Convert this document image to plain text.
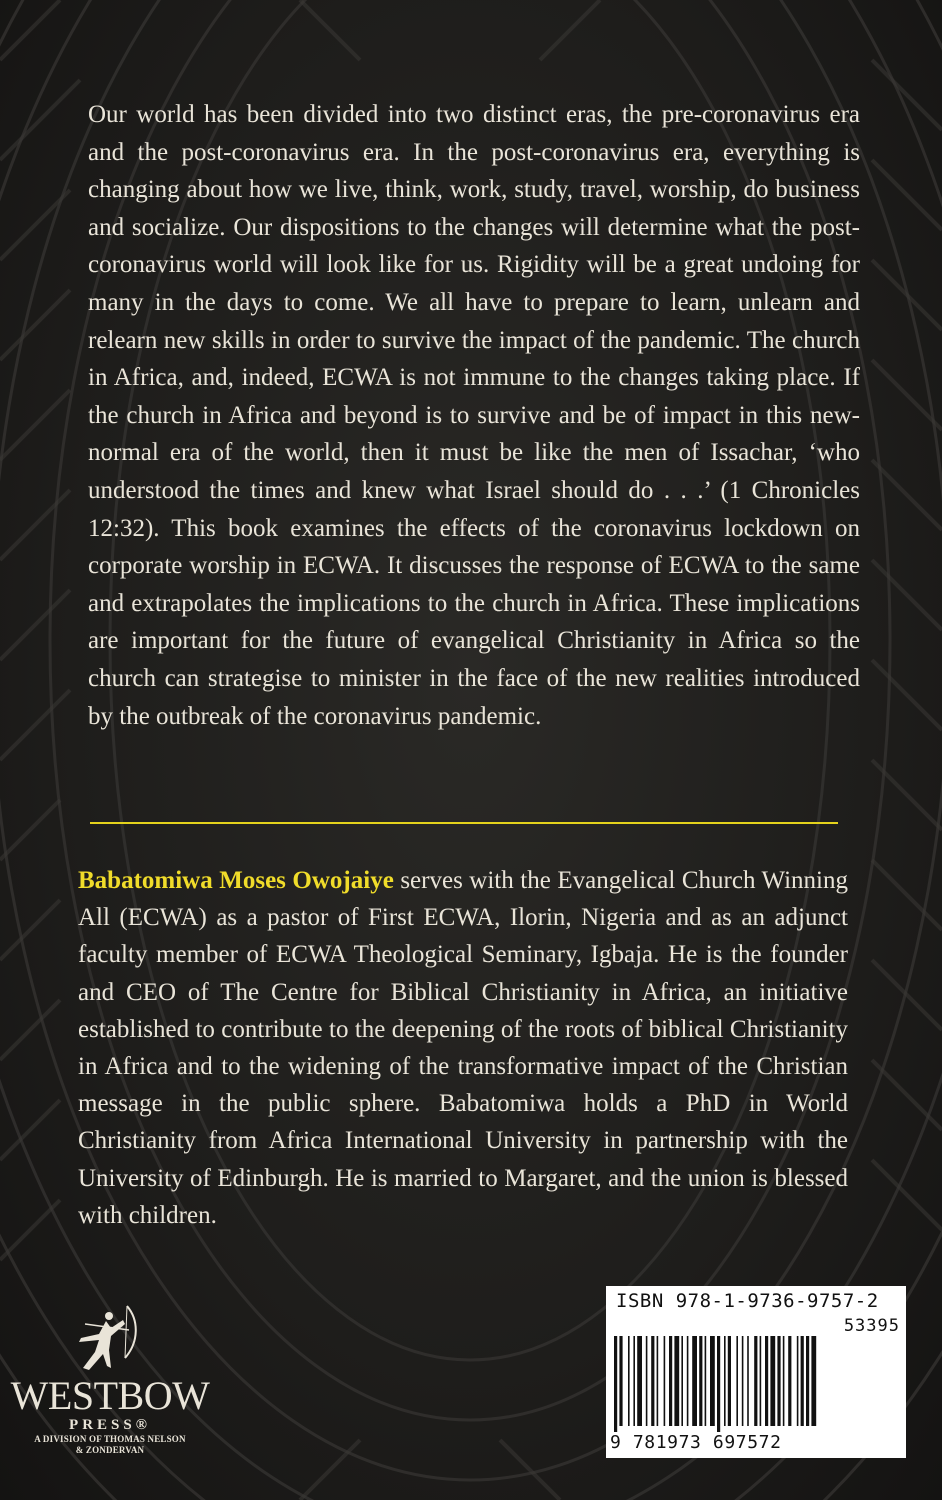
Our world has been divided into two distinct eras, the pre-coronavirus era and the post-coronavirus era. In the post-coronavirus era, everything is changing about how we live, think, work, study, travel, worship, do business and socialize. Our dispositions to the changes will determine what the post-coronavirus world will look like for us. Rigidity will be a great undoing for many in the days to come. We all have to prepare to learn, unlearn and relearn new skills in order to survive the impact of the pandemic. The church in Africa, and, indeed, ECWA is not immune to the changes taking place. If the church in Africa and beyond is to survive and be of impact in this new-normal era of the world, then it must be like the men of Issachar, ‘who understood the times and knew what Israel should do . . .’ (1 Chronicles 12:32). This book examines the effects of the coronavirus lockdown on corporate worship in ECWA. It discusses the response of ECWA to the same and extrapolates the implications to the church in Africa. These implications are important for the future of evangelical Christianity in Africa so the church can strategise to minister in the face of the new realities introduced by the outbreak of the coronavirus pandemic.

Babatomiwa Moses Owojaiye serves with the Evangelical Church Winning All (ECWA) as a pastor of First ECWA, Ilorin, Nigeria and as an adjunct faculty member of ECWA Theological Seminary, Igbaja. He is the founder and CEO of The Centre for Biblical Christianity in Africa, an initiative established to contribute to the deepening of the roots of biblical Christianity in Africa and to the widening of the transformative impact of the Christian message in the public sphere. Babatomiwa holds a PhD in World Christianity from Africa International University in partnership with the University of Edinburgh. He is married to Margaret, and the union is blessed with children.

WESTBOW
PRESS®
A DIVISION OF THOMAS NELSON
& ZONDERVAN
ISBN 978-1-9736-9757-2
53395
9 781973 697572
